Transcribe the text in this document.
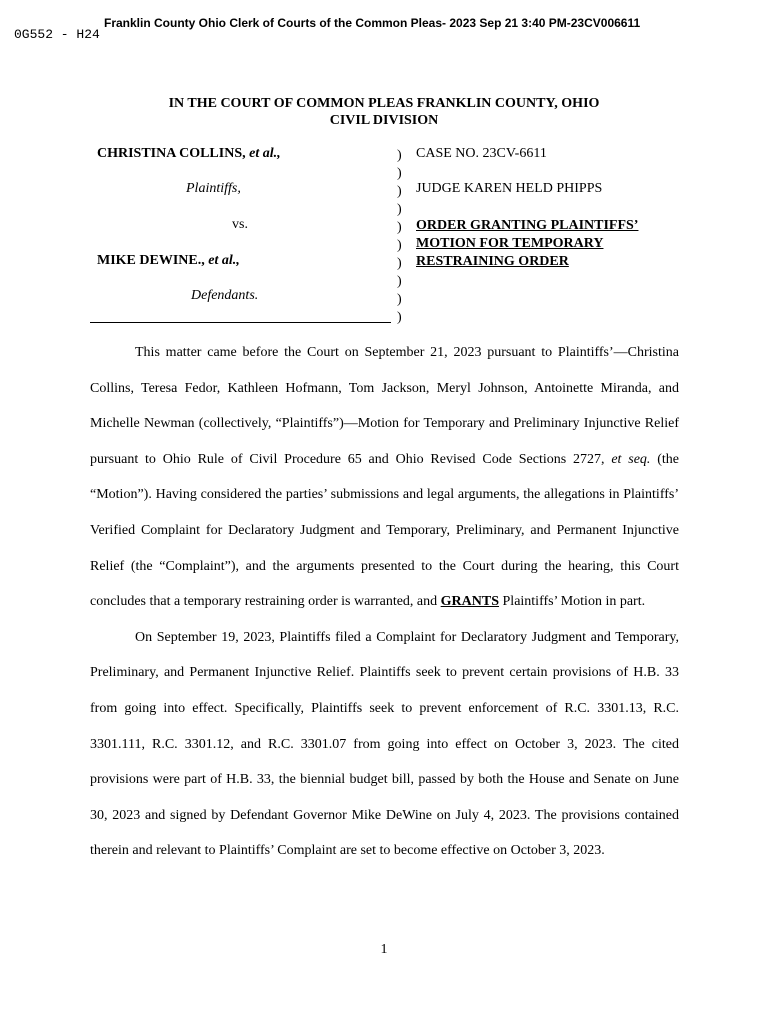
Franklin County Ohio Clerk of Courts of the Common Pleas- 2023 Sep 21 3:40 PM-23CV006611
0G552 - H24
IN THE COURT OF COMMON PLEAS FRANKLIN COUNTY, OHIO
CIVIL DIVISION
CHRISTINA COLLINS, et al.,
Plaintiffs,
vs.
MIKE DEWINE., et al.,
Defendants.
)
)
)
)
)
)
)
)
)
)
CASE NO. 23CV-6611
JUDGE KAREN HELD PHIPPS
ORDER GRANTING PLAINTIFFS’
MOTION FOR TEMPORARY
RESTRAINING ORDER

This matter came before the Court on September 21, 2023 pursuant to Plaintiffs’—Christina Collins, Teresa Fedor, Kathleen Hofmann, Tom Jackson, Meryl Johnson, Antoinette Miranda, and Michelle Newman (collectively, “Plaintiffs”)—Motion for Temporary and Preliminary Injunctive Relief pursuant to Ohio Rule of Civil Procedure 65 and Ohio Revised Code Sections 2727, et seq. (the “Motion”). Having considered the parties’ submissions and legal arguments, the allegations in Plaintiffs’ Verified Complaint for Declaratory Judgment and Temporary, Preliminary, and Permanent Injunctive Relief (the “Complaint”), and the arguments presented to the Court during the hearing, this Court concludes that a temporary restraining order is warranted, and GRANTS Plaintiffs’ Motion in part.

On September 19, 2023, Plaintiffs filed a Complaint for Declaratory Judgment and Temporary, Preliminary, and Permanent Injunctive Relief. Plaintiffs seek to prevent certain provisions of H.B. 33 from going into effect. Specifically, Plaintiffs seek to prevent enforcement of R.C. 3301.13, R.C. 3301.111, R.C. 3301.12, and R.C. 3301.07 from going into effect on October 3, 2023. The cited provisions were part of H.B. 33, the biennial budget bill, passed by both the House and Senate on June 30, 2023 and signed by Defendant Governor Mike DeWine on July 4, 2023. The provisions contained therein and relevant to Plaintiffs’ Complaint are set to become effective on October 3, 2023.

1
